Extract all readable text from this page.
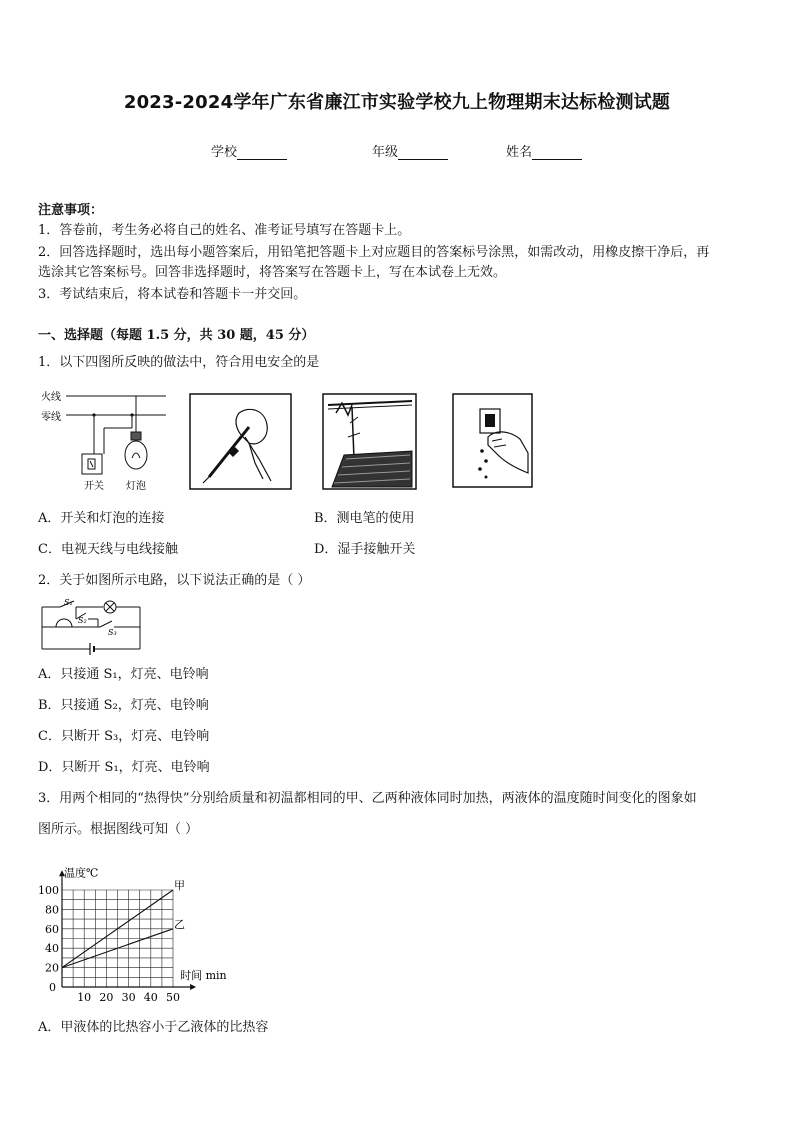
2023-2024学年广东省廉江市实验学校九上物理期末达标检测试题
学校	年级	姓名
注意事项：
1．答卷前，考生务必将自己的姓名、准考证号填写在答题卡上。
2．回答选择题时，选出每小题答案后，用铅笔把答题卡上对应题目的答案标号涂黑，如需改动，用橡皮擦干净后，再
选涂其它答案标号。回答非选择题时，将答案写在答题卡上，写在本试卷上无效。
3．考试结束后，将本试卷和答题卡一并交回。
一、选择题（每题 1.5 分，共 30 题，45 分）
1．以下四图所反映的做法中，符合用电安全的是
火线
零线
开关 灯泡
A．开关和灯泡的连接	B．测电笔的使用
C．电视天线与电线接触	D．湿手接触开关
2．关于如图所示电路，以下说法正确的是（ ）
S₁
S₂
S₃
A．只接通 S₁，灯亮、电铃响
B．只接通 S₂，灯亮、电铃响
C．只断开 S₃，灯亮、电铃响
D．只断开 S₁，灯亮、电铃响
3．用两个相同的“热得快”分别给质量和初温都相同的甲、乙两种液体同时加热，两液体的温度随时间变化的图象如
图所示。根据图线可知（ ）
20
40
60
80
100
0
10 20 30 40 50
温度℃
时间 min
甲
乙
A．甲液体的比热容小于乙液体的比热容
